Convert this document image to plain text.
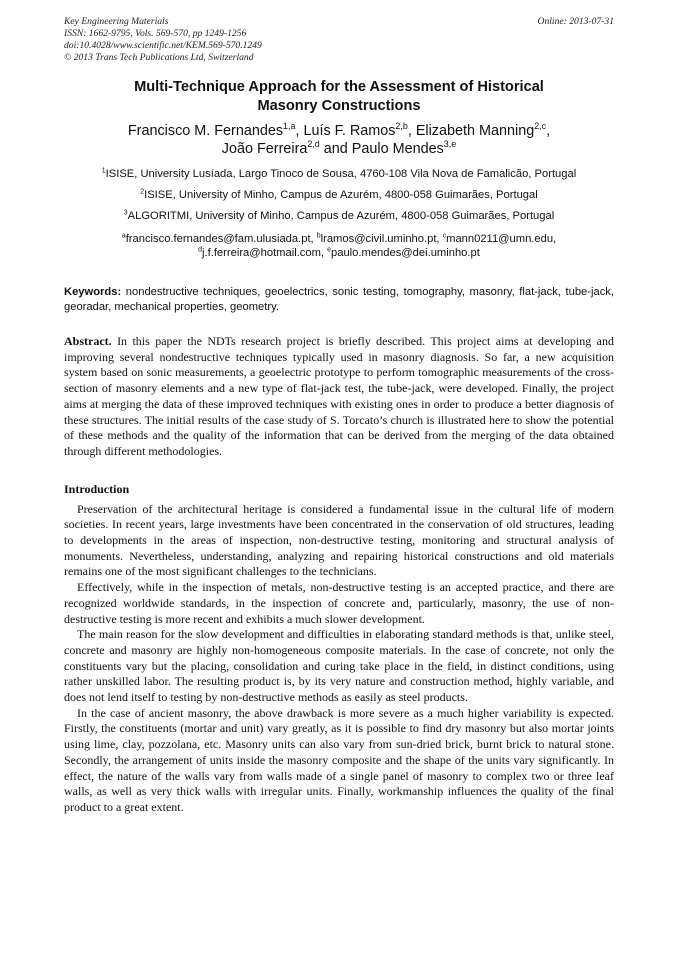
Key Engineering Materials
ISSN: 1662-9795, Vols. 569-570, pp 1249-1256
doi:10.4028/www.scientific.net/KEM.569-570.1249
© 2013 Trans Tech Publications Ltd, Switzerland
Online: 2013-07-31
Multi-Technique Approach for the Assessment of Historical
Masonry Constructions
Francisco M. Fernandes$^{1,a}$, Luís F. Ramos$^{2,b}$, Elizabeth Manning$^{2,c}$,
João Ferreira$^{2,d}$ and Paulo Mendes$^{3,e}$
$^1$ISISE, University Lusíada, Largo Tinoco de Sousa, 4760-108 Vila Nova de Famalicão, Portugal
$^2$ISISE, University of Minho, Campus de Azurém, 4800-058 Guimarães, Portugal
$^3$ALGORITMI, University of Minho, Campus de Azurém, 4800-058 Guimarães, Portugal
$^a$francisco.fernandes@fam.ulusiada.pt, $^b$lramos@civil.uminho.pt, $^c$mann0211@umn.edu,
$^d$j.f.ferreira@hotmail.com, $^e$paulo.mendes@dei.uminho.pt
Keywords: nondestructive techniques, geoelectrics, sonic testing, tomography, masonry, flat-jack, tube-jack, georadar, mechanical properties, geometry.
Abstract. In this paper the NDTs research project is briefly described. This project aims at developing and improving several nondestructive techniques typically used in masonry diagnosis. So far, a new acquisition system based on sonic measurements, a geoelectric prototype to perform tomographic measurements of the cross-section of masonry elements and a new type of flat-jack test, the tube-jack, were developed. Finally, the project aims at merging the data of these improved techniques with existing ones in order to produce a better diagnosis of these structures. The initial results of the case study of S. Torcato’s church is illustrated here to show the potential of these methods and the quality of the information that can be derived from the merging of the data obtained through different methodologies.
Introduction

Preservation of the architectural heritage is considered a fundamental issue in the cultural life of modern societies. In recent years, large investments have been concentrated in the conservation of old structures, leading to developments in the areas of inspection, non-destructive testing, monitoring and structural analysis of monuments. Nevertheless, understanding, analyzing and repairing historical constructions and old materials remains one of the most significant challenges to the technicians.

Effectively, while in the inspection of metals, non-destructive testing is an accepted practice, and there are recognized worldwide standards, in the inspection of concrete and, particularly, masonry, the use of non-destructive testing is more recent and exhibits a much slower development.

The main reason for the slow development and difficulties in elaborating standard methods is that, unlike steel, concrete and masonry are highly non-homogeneous composite materials. In the case of concrete, not only the constituents vary but the placing, consolidation and curing take place in the field, in distinct conditions, using rather unskilled labor. The resulting product is, by its very nature and construction method, highly variable, and does not lend itself to testing by non-destructive methods as easily as steel products.

In the case of ancient masonry, the above drawback is more severe as a much higher variability is expected. Firstly, the constituents (mortar and unit) vary greatly, as it is possible to find dry masonry but also mortar joints using lime, clay, pozzolana, etc. Masonry units can also vary from sun-dried brick, burnt brick to natural stone. Secondly, the arrangement of units inside the masonry composite and the shape of the units vary significantly. In effect, the nature of the walls vary from walls made of a single panel of masonry to complex two or three leaf walls, as well as very thick walls with irregular units. Finally, workmanship influences the quality of the final product to a great extent.
